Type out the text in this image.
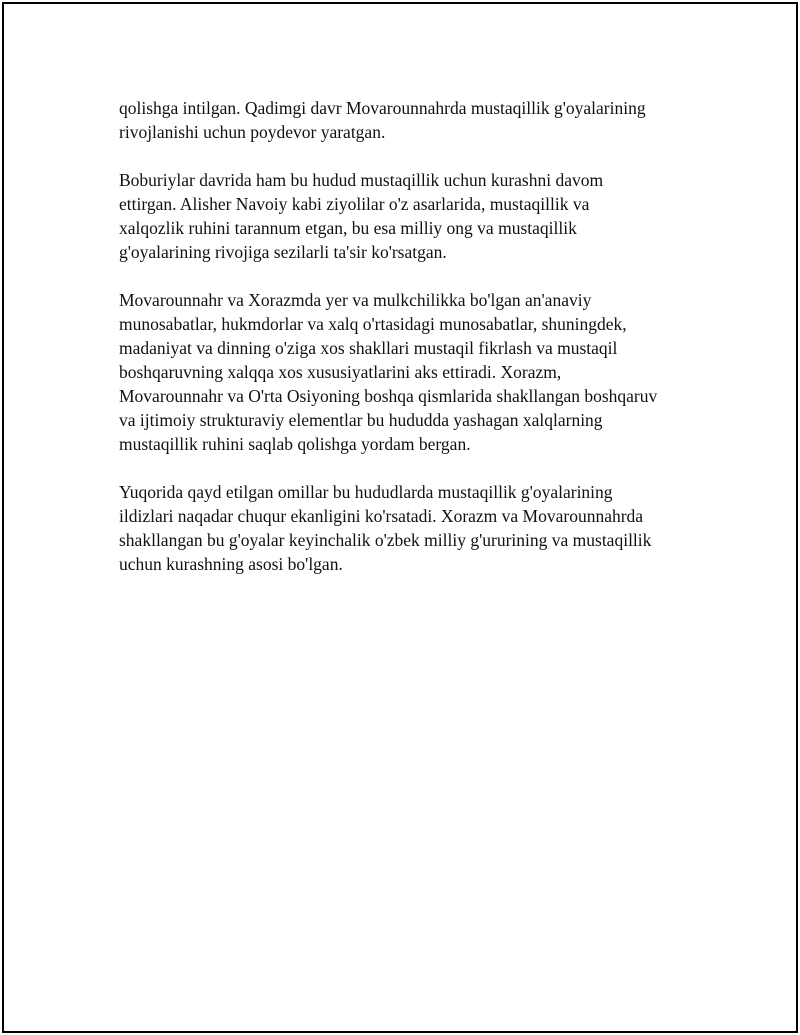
qolishga intilgan. Qadimgi davr Movarounnahrda mustaqillik g'oyalarining
rivojlanishi uchun poydevor yaratgan.

Boburiylar davrida ham bu hudud mustaqillik uchun kurashni davom
ettirgan. Alisher Navoiy kabi ziyolilar o'z asarlarida, mustaqillik va
xalqozlik ruhini tarannum etgan, bu esa milliy ong va mustaqillik
g'oyalarining rivojiga sezilarli ta'sir ko'rsatgan.

Movarounnahr va Xorazmda yer va mulkchilikka bo'lgan an'anaviy
munosabatlar, hukmdorlar va xalq o'rtasidagi munosabatlar, shuningdek,
madaniyat va dinning o'ziga xos shakllari mustaqil fikrlash va mustaqil
boshqaruvning xalqqa xos xususiyatlarini aks ettiradi. Xorazm,
Movarounnahr va O'rta Osiyoning boshqa qismlarida shakllangan boshqaruv
va ijtimoiy strukturaviy elementlar bu hududda yashagan xalqlarning
mustaqillik ruhini saqlab qolishga yordam bergan.

Yuqorida qayd etilgan omillar bu hududlarda mustaqillik g'oyalarining
ildizlari naqadar chuqur ekanligini ko'rsatadi. Xorazm va Movarounnahrda
shakllangan bu g'oyalar keyinchalik o'zbek milliy g'ururining va mustaqillik
uchun kurashning asosi bo'lgan.
